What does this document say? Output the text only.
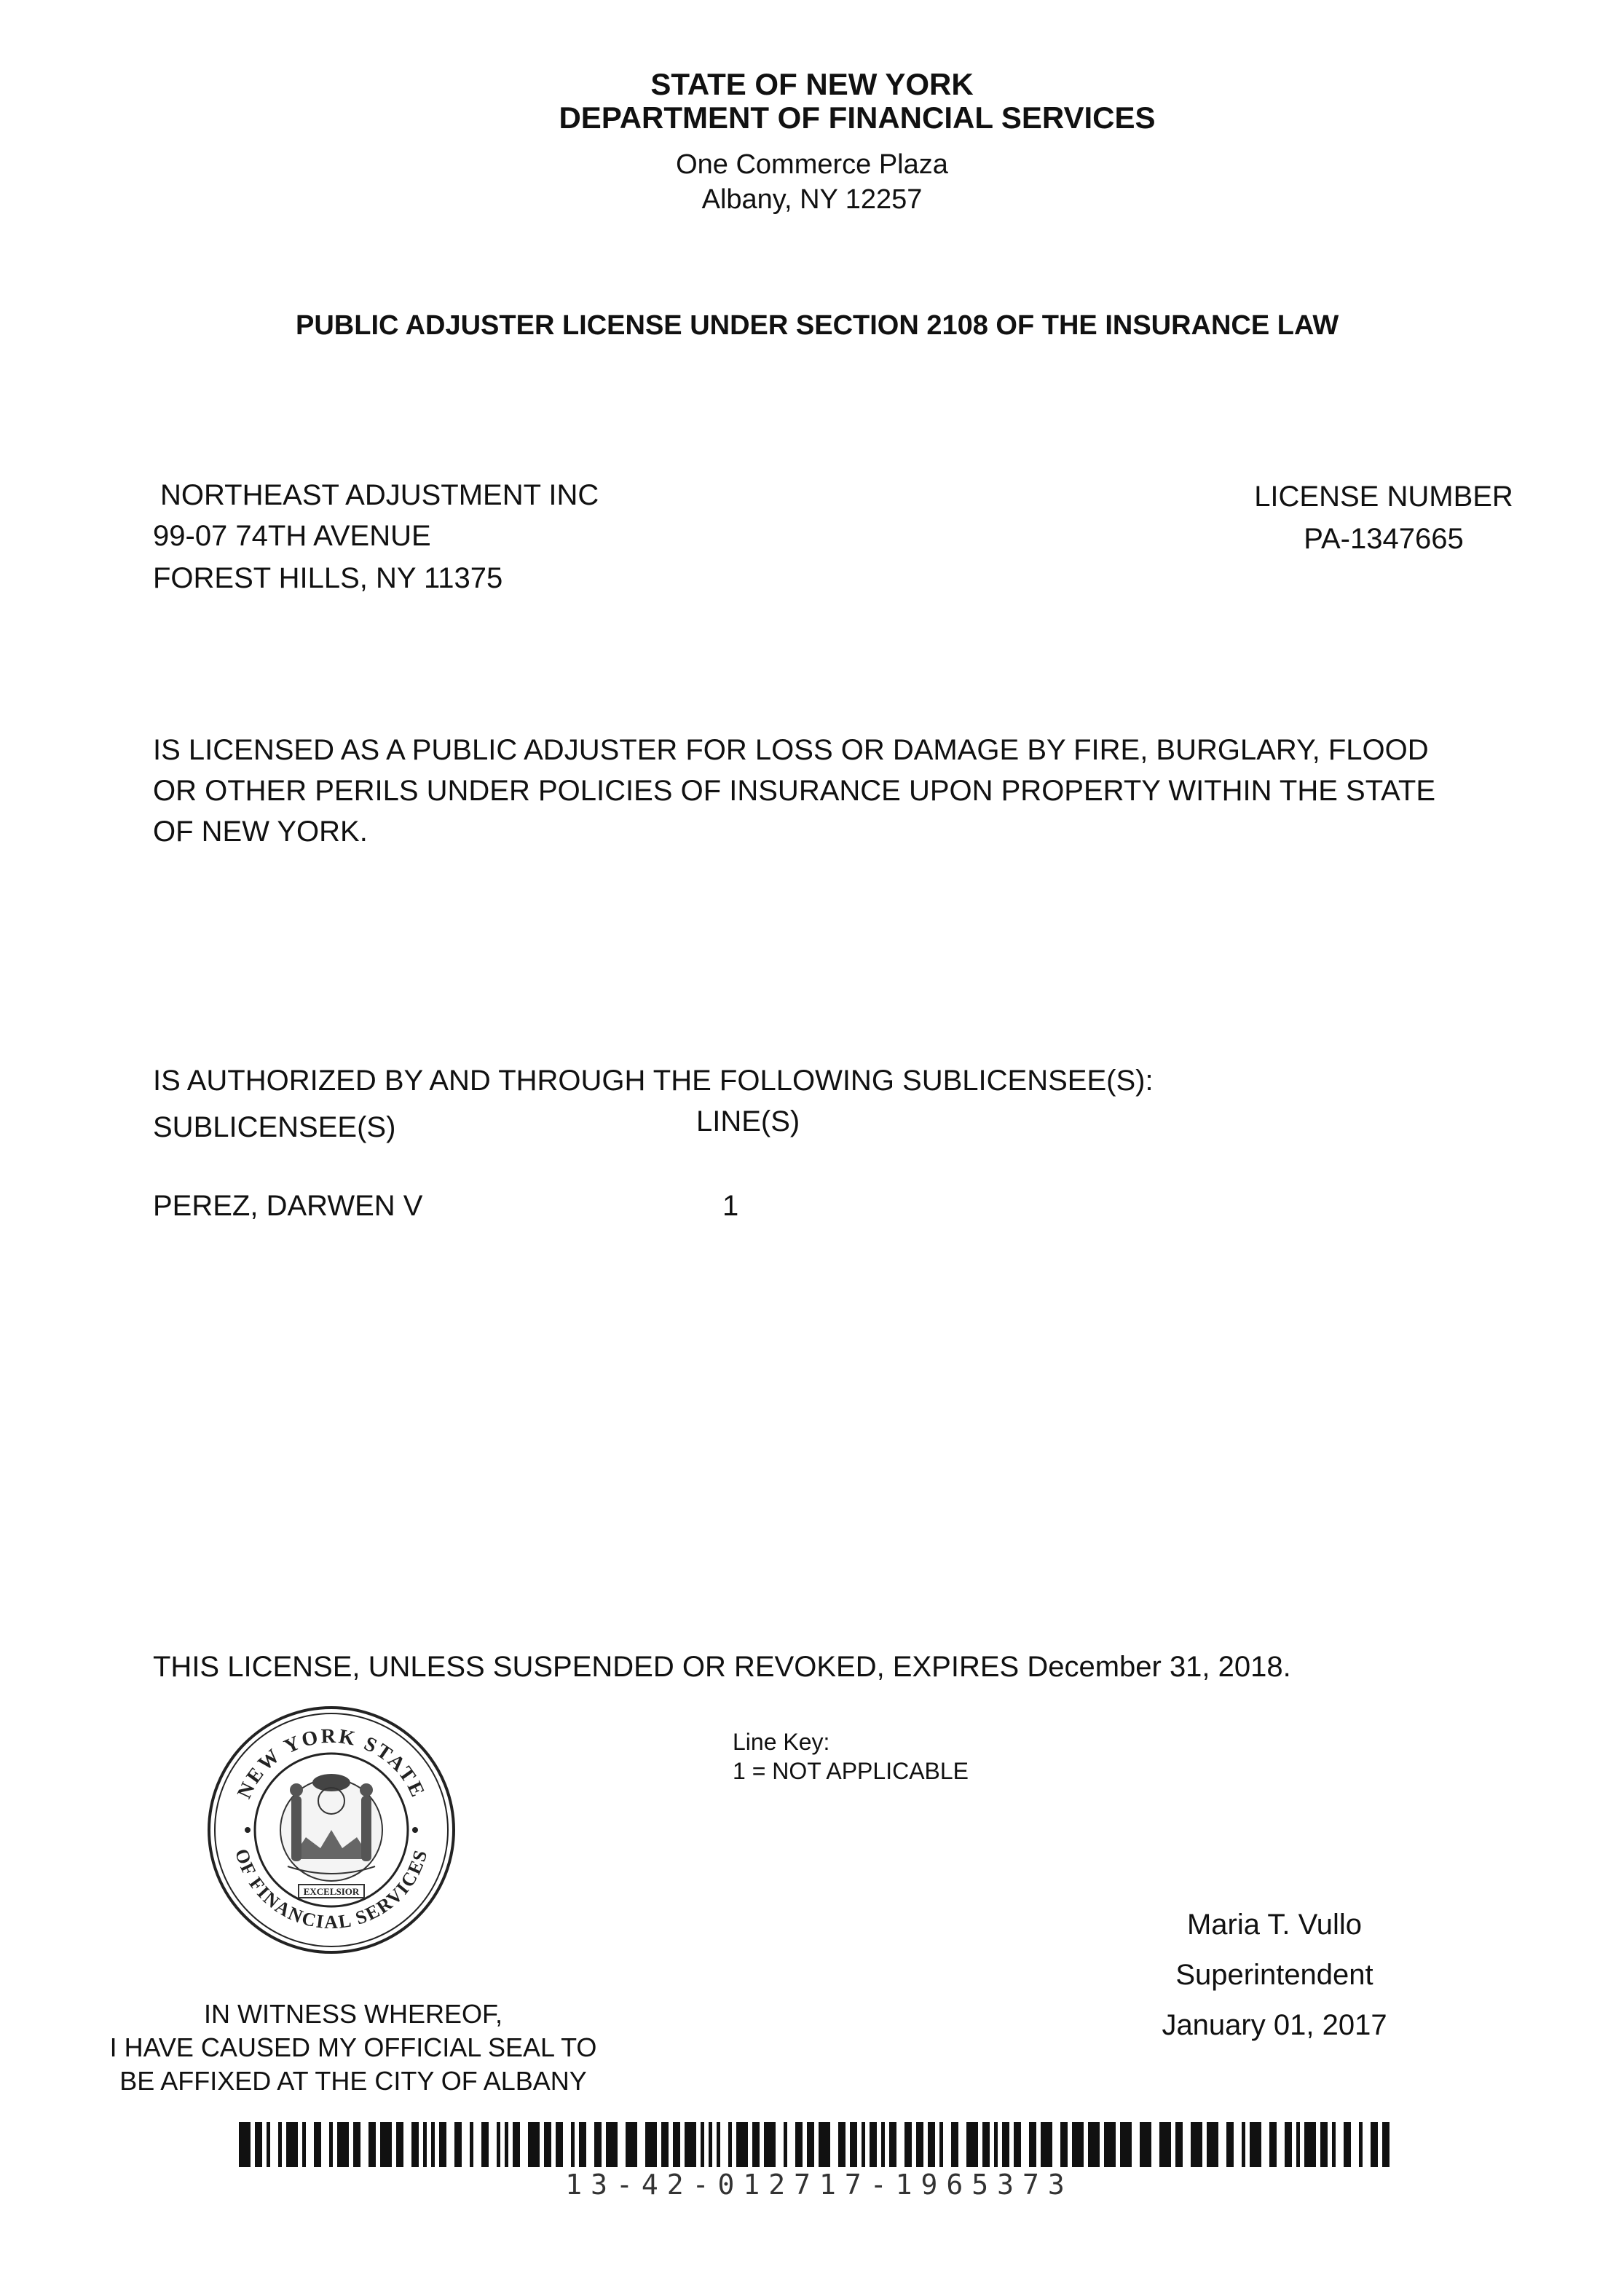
STATE OF NEW YORK
DEPARTMENT OF FINANCIAL SERVICES
One Commerce Plaza
Albany, NY 12257
PUBLIC ADJUSTER LICENSE UNDER SECTION 2108 OF THE INSURANCE LAW
NORTHEAST ADJUSTMENT INC
99-07 74TH AVENUE
FOREST HILLS, NY 11375
LICENSE NUMBER
PA-1347665
IS LICENSED AS A PUBLIC ADJUSTER FOR LOSS OR DAMAGE BY FIRE, BURGLARY, FLOOD
OR OTHER PERILS UNDER POLICIES OF INSURANCE UPON PROPERTY WITHIN THE STATE
OF NEW YORK.
IS AUTHORIZED BY AND THROUGH THE FOLLOWING SUBLICENSEE(S):
SUBLICENSEE(S)	LINE(S)
PEREZ, DARWEN V	1
THIS LICENSE, UNLESS SUSPENDED OR REVOKED, EXPIRES December 31, 2018.
Line Key:
1 = NOT APPLICABLE
NEW YORK STATE
OF FINANCIAL SERVICES
EXCELSIOR
Maria T. Vullo
Superintendent
January 01, 2017
IN WITNESS WHEREOF,
I HAVE CAUSED MY OFFICIAL SEAL TO
BE AFFIXED AT THE CITY OF ALBANY
13-42-012717-1965373
